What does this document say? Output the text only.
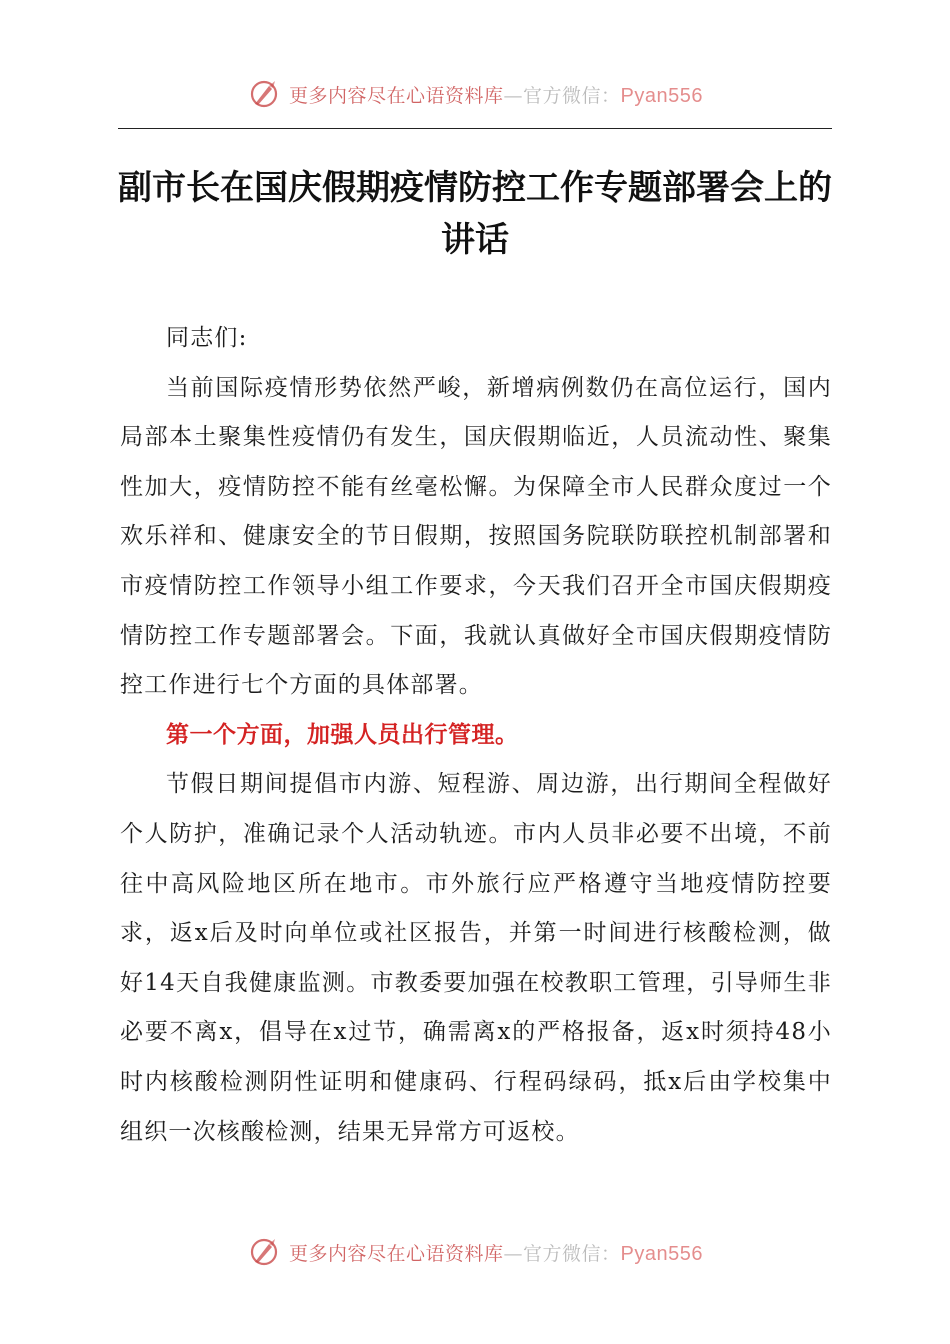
更多内容尽在心语资料库—官方微信：Pyan556
副市长在国庆假期疫情防控工作专题部署会上的讲话

同志们:

当前国际疫情形势依然严峻，新增病例数仍在高位运行，国内局部本土聚集性疫情仍有发生，国庆假期临近，人员流动性、聚集性加大，疫情防控不能有丝毫松懈。为保障全市人民群众度过一个欢乐祥和、健康安全的节日假期，按照国务院联防联控机制部署和市疫情防控工作领导小组工作要求，今天我们召开全市国庆假期疫情防控工作专题部署会。下面，我就认真做好全市国庆假期疫情防控工作进行七个方面的具体部署。

第一个方面，加强人员出行管理。

节假日期间提倡市内游、短程游、周边游，出行期间全程做好个人防护，准确记录个人活动轨迹。市内人员非必要不出境，不前往中高风险地区所在地市。市外旅行应严格遵守当地疫情防控要求，返x后及时向单位或社区报告，并第一时间进行核酸检测，做好14天自我健康监测。市教委要加强在校教职工管理，引导师生非必要不离x，倡导在x过节，确需离x的严格报备，返x时须持48小时内核酸检测阴性证明和健康码、行程码绿码，抵x后由学校集中组织一次核酸检测，结果无异常方可返校。

更多内容尽在心语资料库—官方微信：Pyan556
